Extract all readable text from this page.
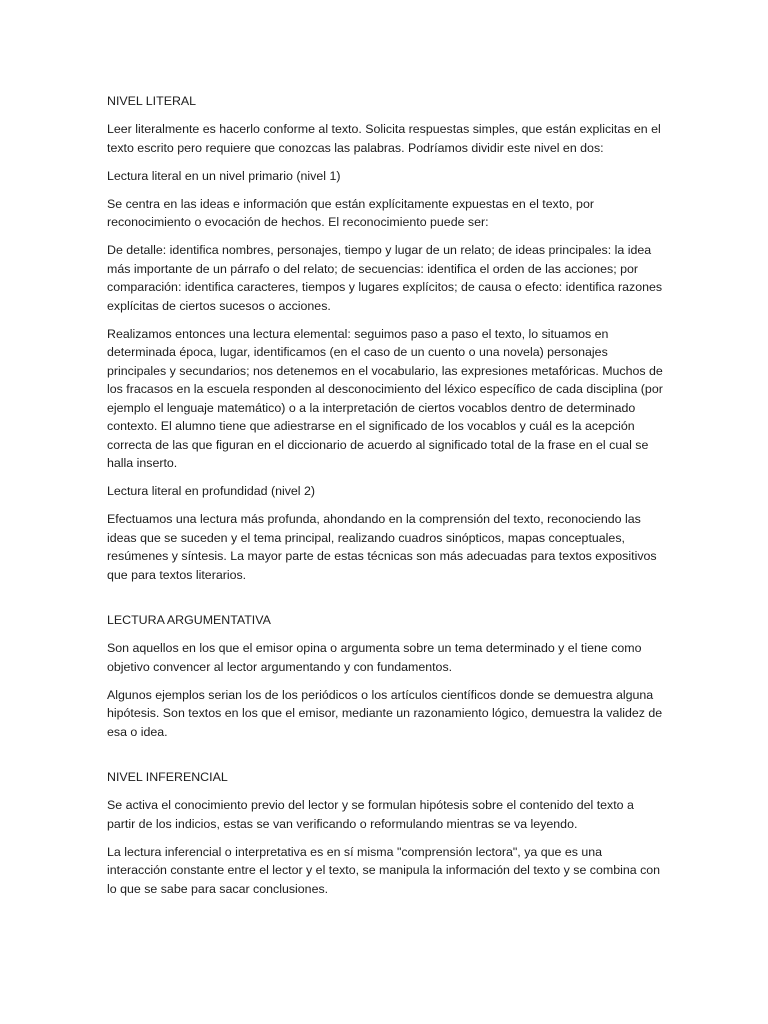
NIVEL LITERAL

Leer literalmente es hacerlo conforme al texto. Solicita respuestas simples, que están explicitas en el texto escrito pero requiere que conozcas las palabras. Podríamos dividir este nivel en dos:

Lectura literal en un nivel primario (nivel 1)

Se centra en las ideas e información que están explícitamente expuestas en el texto, por reconocimiento o evocación de hechos. El reconocimiento puede ser:

De detalle: identifica nombres, personajes, tiempo y lugar de un relato; de ideas principales: la idea más importante de un párrafo o del relato; de secuencias: identifica el orden de las acciones; por comparación: identifica caracteres, tiempos y lugares explícitos; de causa o efecto: identifica razones explícitas de ciertos sucesos o acciones.

Realizamos entonces una lectura elemental: seguimos paso a paso el texto, lo situamos en determinada época, lugar, identificamos (en el caso de un cuento o una novela) personajes principales y secundarios; nos detenemos en el vocabulario, las expresiones metafóricas. Muchos de los fracasos en la escuela responden al desconocimiento del léxico específico de cada disciplina (por ejemplo el lenguaje matemático) o a la interpretación de ciertos vocablos dentro de determinado contexto. El alumno tiene que adiestrarse en el significado de los vocablos y cuál es la acepción correcta de las que figuran en el diccionario de acuerdo al significado total de la frase en el cual se halla inserto.

Lectura literal en profundidad (nivel 2)

Efectuamos una lectura más profunda, ahondando en la comprensión del texto, reconociendo las ideas que se suceden y el tema principal, realizando cuadros sinópticos, mapas conceptuales, resúmenes y síntesis. La mayor parte de estas técnicas son más adecuadas para textos expositivos que para textos literarios.

LECTURA ARGUMENTATIVA

Son aquellos en los que el emisor opina o argumenta sobre un tema determinado y el tiene como objetivo convencer al lector argumentando y con fundamentos.

Algunos ejemplos serian los de los periódicos o los artículos científicos donde se demuestra alguna hipótesis. Son textos en los que el emisor, mediante un razonamiento lógico, demuestra la validez de esa o idea.

NIVEL INFERENCIAL

Se activa el conocimiento previo del lector y se formulan hipótesis sobre el contenido del texto a partir de los indicios, estas se van verificando o reformulando mientras se va leyendo.

La lectura inferencial o interpretativa es en sí misma "comprensión lectora", ya que es una interacción constante entre el lector y el texto, se manipula la información del texto y se combina con lo que se sabe para sacar conclusiones.
